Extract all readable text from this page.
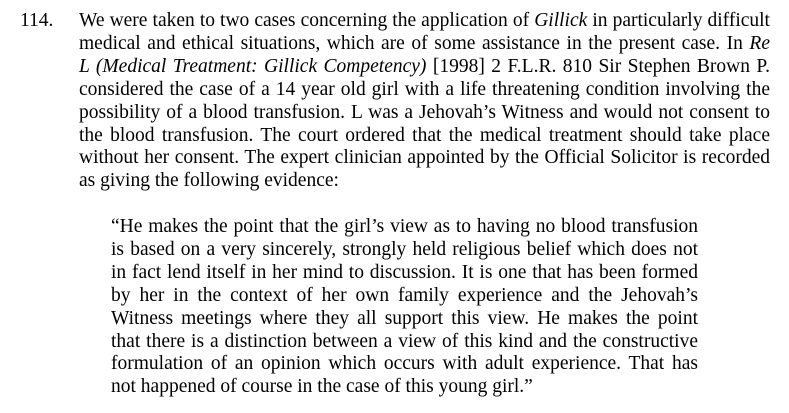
114. We were taken to two cases concerning the application of Gillick in particularly difficult
medical and ethical situations, which are of some assistance in the present case. In Re
L (Medical Treatment: Gillick Competency) [1998] 2 F.L.R. 810 Sir Stephen Brown P.
considered the case of a 14 year old girl with a life threatening condition involving the
possibility of a blood transfusion. L was a Jehovah’s Witness and would not consent to
the blood transfusion. The court ordered that the medical treatment should take place
without her consent. The expert clinician appointed by the Official Solicitor is recorded
as giving the following evidence:
“He makes the point that the girl’s view as to having no blood transfusion
is based on a very sincerely, strongly held religious belief which does not
in fact lend itself in her mind to discussion. It is one that has been formed
by her in the context of her own family experience and the Jehovah’s
Witness meetings where they all support this view. He makes the point
that there is a distinction between a view of this kind and the constructive
formulation of an opinion which occurs with adult experience. That has
not happened of course in the case of this young girl.”
